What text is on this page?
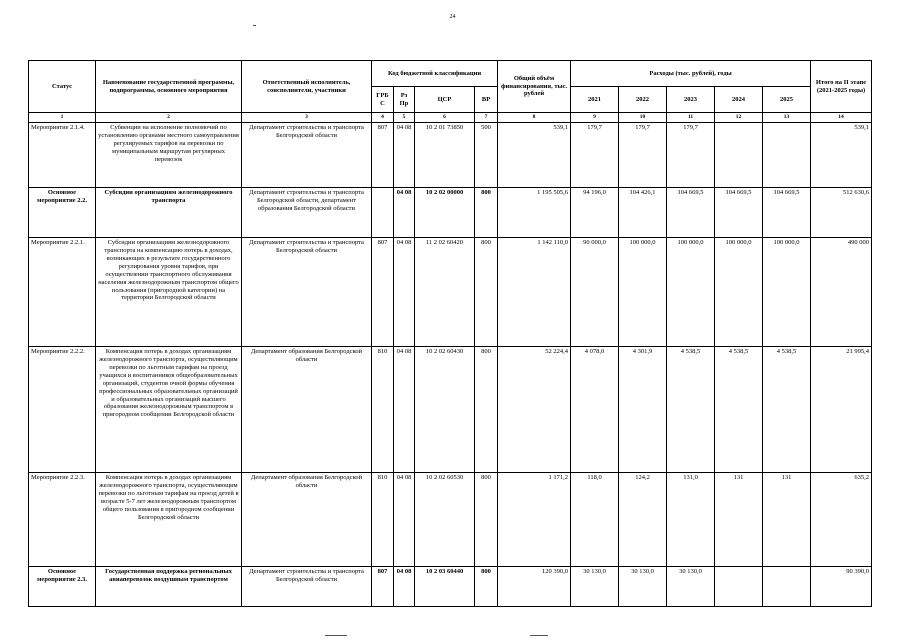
24
Статус	Наименование государственной программы, подпрограммы, основного мероприятия	Ответственный исполнитель, соисполнители, участники	Код бюджетной классификации				Общий объём финансирования, тыс. рублей	Расходы (тыс. рублей), годы					Итого на II этапе (2021-2025 годы)
			ГРБС	Рз Пр	ЦСР	ВР		2021	2022	2023	2024	2025	
1	2	3	4	5	6	7	8	9	10	11	12	13	14
Мероприятие 2.1.4.	Субвенции на исполнение полномочий по установлению органами местного самоуправления регулируемых тарифов на перевозки по муниципальным маршрутам регулярных перевозок	Департамент строительства и транспорта Белгородской области	807	04 08	10 2 01 73850	500	539,1	179,7	179,7	179,7			539,1
Основное мероприятие 2.2.	Субсидии организациям железнодорожного транспорта	Департамент строительства и транспорта Белгородской области, департамент образования Белгородской области		04 08	10 2 02 00000	800	1 195 505,6	94 196,0	104 426,1	104 669,5	104 669,5	104 669,5	512 630,6
Мероприятие 2.2.1.	Субсидии организациям железнодорожного транспорта на компенсацию потерь в доходах, возникающих в результате государственного регулирования уровня тарифов, при осуществлении транспортного обслуживания населения железнодорожным транспортом общего пользования (пригородной категории) на территории Белгородской области	Департамент строительства и транспорта Белгородской области	807	04 08	11 2 02 60420	800	1 142 110,0	90 000,0	100 000,0	100 000,0	100 000,0	100 000,0	490 000
Мероприятие 2.2.2.	Компенсация потерь в доходах организациям железнодорожного транспорта, осуществляющим перевозки по льготным тарифам на проезд учащихся и воспитанников общеобразовательных организаций, студентов очной формы обучения профессиональных образовательных организаций и образовательных организаций высшего образования железнодорожным транспортом в пригородном сообщении Белгородской области	Департамент образования Белгородской области	810	04 08	10 2 02 60430	800	52 224,4	4 078,0	4 301,9	4 538,5	4 538,5	4 538,5	21 995,4
Мероприятие 2.2.3.	Компенсация потерь в доходах организациям железнодорожного транспорта, осуществляющим перевозки по льготным тарифам на проезд детей в возрасте 5-7 лет железнодорожным транспортом общего пользования в пригородном сообщении Белгородской области	Департамент образования Белгородской области	810	04 08	10 2 02 60530	800	1 171,2	118,0	124,2	131,0	131	131	635,2
Основное мероприятие 2.3.	Государственная поддержка региональных авиаперевозок воздушным транспортом	Департамент строительства и транспорта Белгородской области	807	04 08	10 2 03 60440	800	120 390,0	30 130,0	30 130,0	30 130,0			90 390,0
